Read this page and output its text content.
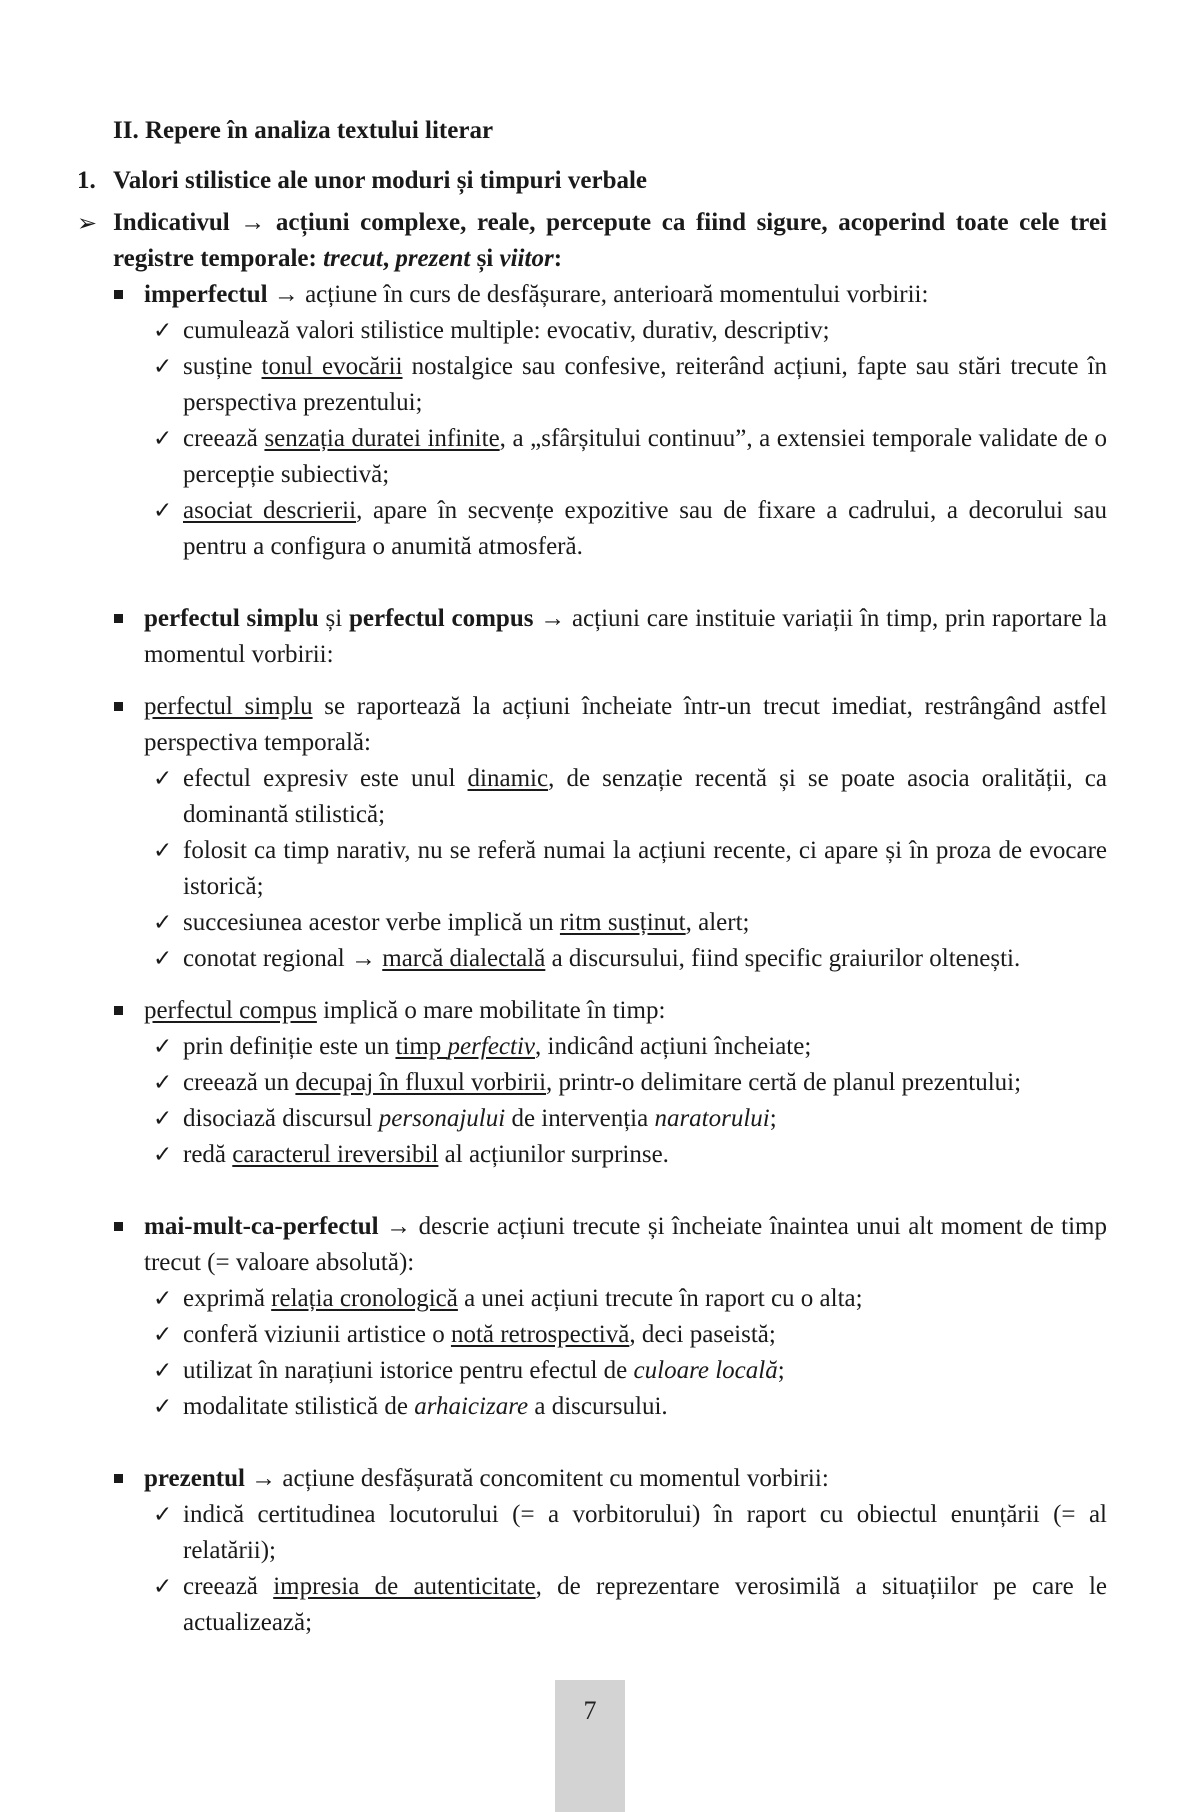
II. Repere în analiza textului literar
1. Valori stilistice ale unor moduri și timpuri verbale
➢ Indicativul → acțiuni complexe, reale, percepute ca fiind sigure, acoperind toate cele trei registre temporale: trecut, prezent și viitor:
imperfectul → acțiune în curs de desfășurare, anterioară momentului vorbirii:
✓ cumulează valori stilistice multiple: evocativ, durativ, descriptiv;
✓ susține tonul evocării nostalgice sau confesive, reiterând acțiuni, fapte sau stări trecute în perspectiva prezentului;
✓ creează senzația duratei infinite, a „sfârșitului continuu”, a extensiei temporale validate de o percepție subiectivă;
✓ asociat descrierii, apare în secvențe expozitive sau de fixare a cadrului, a decorului sau pentru a configura o anumită atmosferă.
perfectul simplu și perfectul compus → acțiuni care instituie variații în timp, prin raportare la momentul vorbirii:
perfectul simplu se raportează la acțiuni încheiate într-un trecut imediat, restrângând astfel perspectiva temporală:
✓ efectul expresiv este unul dinamic, de senzație recentă și se poate asocia oralității, ca dominantă stilistică;
✓ folosit ca timp narativ, nu se referă numai la acțiuni recente, ci apare și în proza de evocare istorică;
✓ succesiunea acestor verbe implică un ritm susținut, alert;
✓ conotat regional → marcă dialectală a discursului, fiind specific graiurilor oltenești.
perfectul compus implică o mare mobilitate în timp:
✓ prin definiție este un timp perfectiv, indicând acțiuni încheiate;
✓ creează un decupaj în fluxul vorbirii, printr-o delimitare certă de planul prezentului;
✓ disociază discursul personajului de intervenția naratorului;
✓ redă caracterul ireversibil al acțiunilor surprinse.
mai-mult-ca-perfectul → descrie acțiuni trecute și încheiate înaintea unui alt moment de timp trecut (= valoare absolută):
✓ exprimă relația cronologică a unei acțiuni trecute în raport cu o alta;
✓ conferă viziunii artistice o notă retrospectivă, deci paseistă;
✓ utilizat în narațiuni istorice pentru efectul de culoare locală;
✓ modalitate stilistică de arhaicizare a discursului.
prezentul → acțiune desfășurată concomitent cu momentul vorbirii:
✓ indică certitudinea locutorului (= a vorbitorului) în raport cu obiectul enunțării (= al relatării);
✓ creează impresia de autenticitate, de reprezentare verosimilă a situațiilor pe care le actualizează;
7
